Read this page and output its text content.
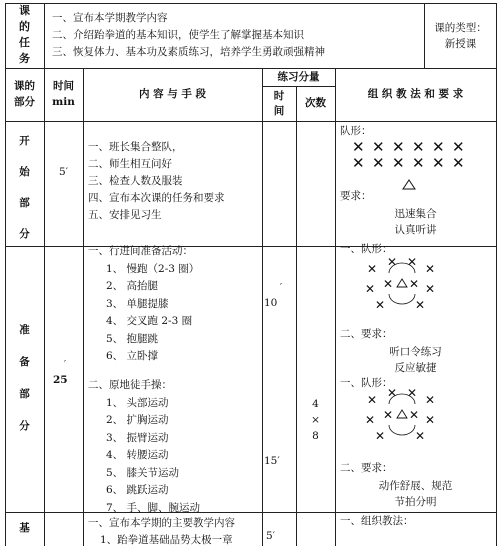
课
的
任
务
一、宣布本学期教学内容
二、介绍跆拳道的基本知识，使学生了解掌握基本知识
三、恢复体力、基本功及素质练习，培养学生勇敢顽强精神
课的类型：
新授课
课的
部分
时间
min
内 容 与 手 段
练习分量
时
间
次数
组 织 教 法 和 要 求
开
始
部
分
5′
一、班长集合整队，
二、师生相互问好
三、检查人数及服装
四、宣布本次课的任务和要求
五、安排见习生
队形：
✕ ✕ ✕ ✕ ✕ ✕
✕ ✕ ✕ ✕ ✕ ✕
要求：
迅速集合
认真听讲
准
备
部
分
′
25
一、行进间准备活动：
1、 慢跑（2-3 圈）
2、 高抬腿
3、 单腿提膝
4、 交叉跑 2-3 圈
5、 抱腿跳
6、 立卧撑
二、原地徒手操：
1、 头部运动
2、 扩胸运动
3、 振臂运动
4、 转腰运动
5、 膝关节运动
6、 跳跃运动
7、 手、脚、腕运动
10
′
4
×
8
15′
一、队形：
✕ ✕ ✕ ✕
✕ ✕ ✕ ✕
✕ ✕
二、要求：
听口令练习
反应敏捷
一、队形：
✕ ✕ ✕ ✕
✕ ✕ ✕ ✕
✕ ✕
二、要求：
动作舒展、规范
节拍分明
基	一、宣布本学期的主要教学内容
1、跆拳道基础品势太极一章	5′
一、组织教法：
